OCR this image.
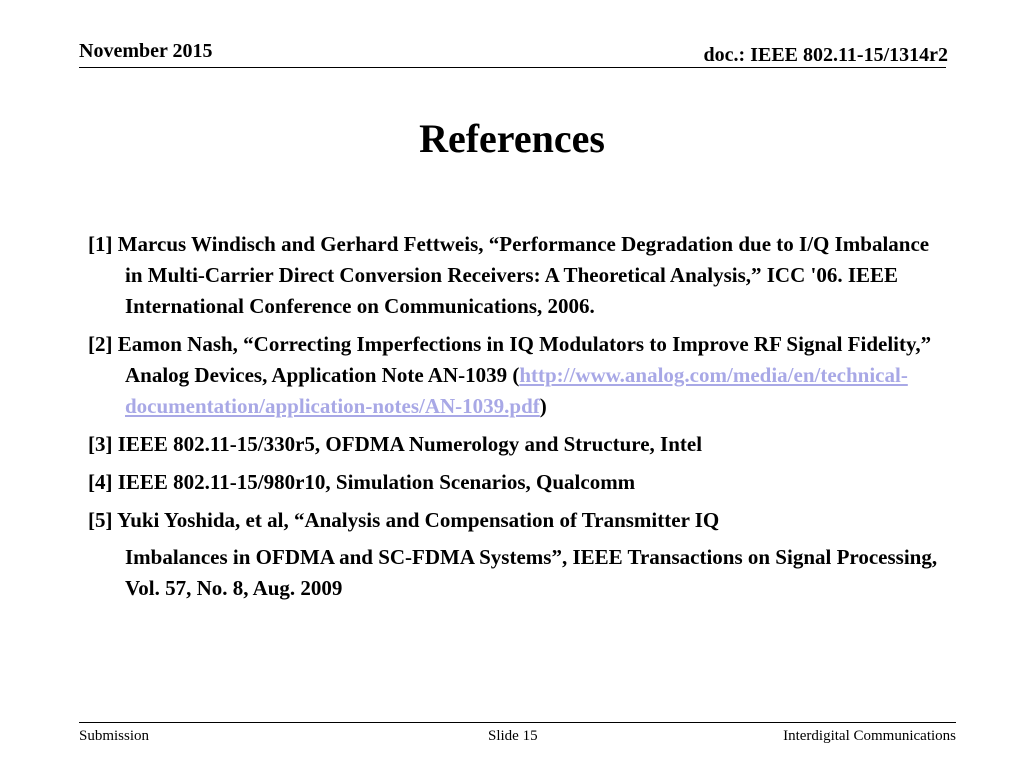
November 2015	doc.: IEEE 802.11-15/1314r2
References

[1] Marcus Windisch and Gerhard Fettweis, “Performance Degradation due to I/Q Imbalance in Multi-Carrier Direct Conversion Receivers: A Theoretical Analysis,” ICC '06. IEEE International Conference on Communications, 2006.

[2] Eamon Nash, “Correcting Imperfections in IQ Modulators to Improve RF Signal Fidelity,” Analog Devices, Application Note AN-1039 (http://www.analog.com/media/en/technical-documentation/application-notes/AN-1039.pdf)

[3] IEEE 802.11-15/330r5, OFDMA Numerology and Structure, Intel

[4] IEEE 802.11-15/980r10, Simulation Scenarios, Qualcomm

[5] Yuki Yoshida, et al, “Analysis and Compensation of Transmitter IQ

Imbalances in OFDMA and SC-FDMA Systems”, IEEE Transactions on Signal Processing, Vol. 57, No. 8, Aug. 2009

Submission	Slide 15	Interdigital Communications
